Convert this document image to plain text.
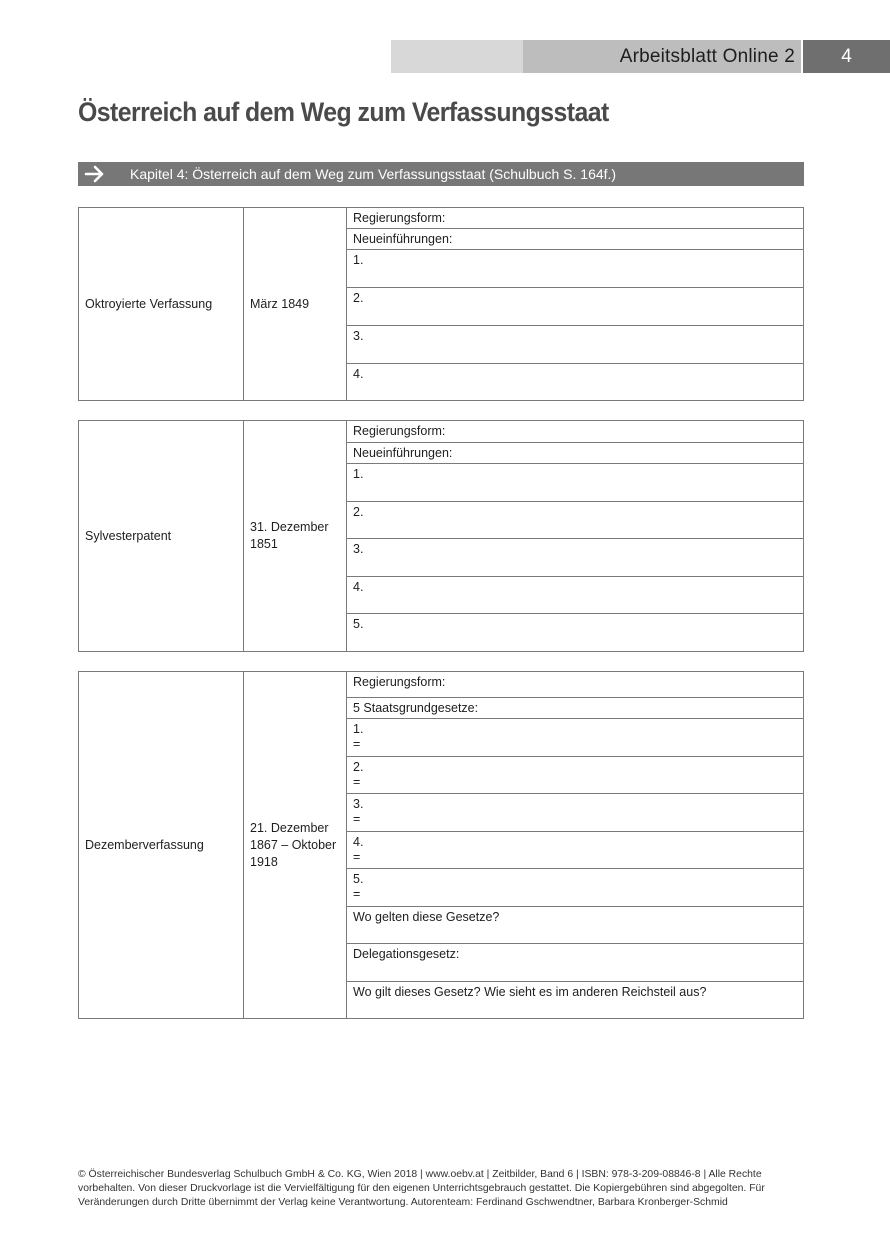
Arbeitsblatt Online 2	4
Österreich auf dem Weg zum Verfassungsstaat
Kapitel 4: Österreich auf dem Weg zum Verfassungsstaat (Schulbuch S. 164f.)
Oktroyierte Verfassung	März 1849	Regierungsform:
Neueinführungen:
1.
2.
3.
4.
Sylvesterpatent	31. Dezember 1851	Regierungsform:
Neueinführungen:
1.
2.
3.
4.
5.
Dezemberverfassung	21. Dezember 1867 – Oktober 1918	Regierungsform:
5 Staatsgrundgesetze:
1.
=

2.
=

3.
=

4.
=

5.
=

Wo gelten diese Gesetze?
Delegationsgesetz:
Wo gilt dieses Gesetz? Wie sieht es im anderen Reichsteil aus?
© Österreichischer Bundesverlag Schulbuch GmbH & Co. KG, Wien 2018 | www.oebv.at | Zeitbilder, Band 6 | ISBN: 978-3-209-08846-8 | Alle Rechte vorbehalten. Von dieser Druckvorlage ist die Vervielfältigung für den eigenen Unterrichtsgebrauch gestattet. Die Kopiergebühren sind abgegolten. Für Veränderungen durch Dritte übernimmt der Verlag keine Verantwortung. Autorenteam: Ferdinand Gschwendtner, Barbara Kronberger-Schmid
